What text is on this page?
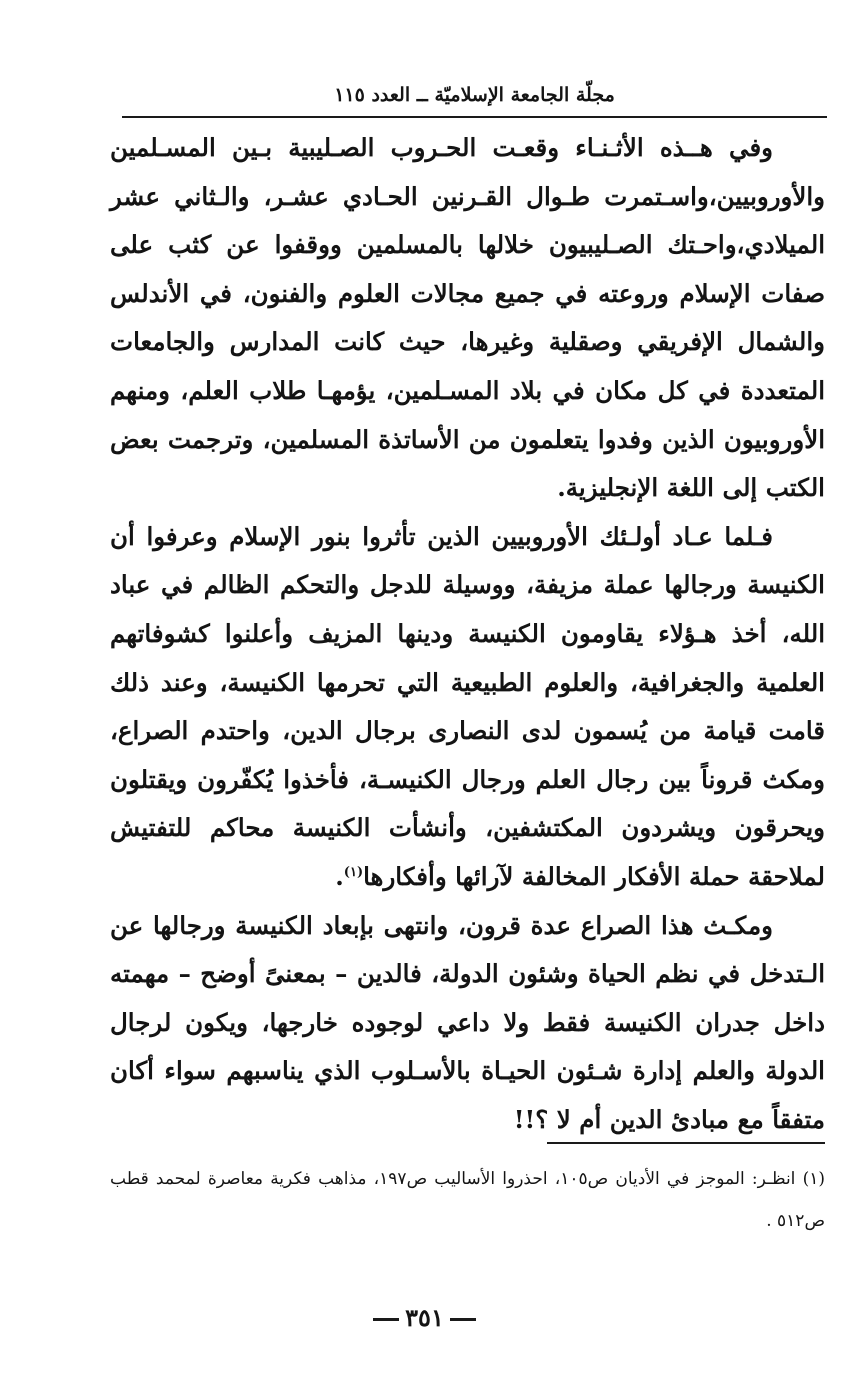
مجلّة الجامعة الإسلاميّة ــ العدد ١١٥

وفي هــذه الأثـنـاء وقعـت الحـروب الصـليبية بـين المسـلمين والأوروبيين،واسـتمرت طـوال القـرنين الحـادي عشـر، والـثاني عشر الميلادي،واحـتك الصـليبيون خلالها بالمسلمين ووقفوا عن كثب على صفات الإسلام وروعته في جميع مجالات العلوم والفنون، في الأندلس والشمال الإفريقي وصقلية وغيرها، حيث كانت المدارس والجامعات المتعددة في كل مكان في بلاد المسـلمين، يؤمهـا طلاب العلم، ومنهم الأوروبيون الذين وفدوا يتعلمون من الأساتذة المسلمين، وترجمت بعض الكتب إلى اللغة الإنجليزية.

فـلما عـاد أولـئك الأوروبيين الذين تأثروا بنور الإسلام وعرفوا أن الكنيسة ورجالها عملة مزيفة، ووسيلة للدجل والتحكم الظالم في عباد الله، أخذ هـؤلاء يقاومون الكنيسة ودينها المزيف وأعلنوا كشوفاتهم العلمية والجغرافية، والعلوم الطبيعية التي تحرمها الكنيسة، وعند ذلك قامت قيامة من يُسمون لدى النصارى برجال الدين، واحتدم الصراع، ومكث قروناً بين رجال العلم ورجال الكنيسـة، فأخذوا يُكفّرون ويقتلون ويحرقون ويشردون المكتشفين، وأنشأت الكنيسة محاكم للتفتيش لملاحقة حملة الأفكار المخالفة لآرائها وأفكارها$^{(١)}$.

ومكـث هذا الصراع عدة قرون، وانتهى بإبعاد الكنيسة ورجالها عن الـتدخل في نظم الحياة وشئون الدولة، فالدين – بمعنىً أوضح – مهمته داخل جدران الكنيسة فقط ولا داعي لوجوده خارجها، ويكون لرجال الدولة والعلم إدارة شـئون الحيـاة بالأسـلوب الذي يناسبهم سواء أكان متفقاً مع مبادئ الدين أم لا ؟!!

(١) انظـر: الموجز في الأديان ص١٠٥، احذروا الأساليب ص١٩٧، مذاهب فكرية معاصرة لمحمد قطب ص٥١٢ .

٣٥١
